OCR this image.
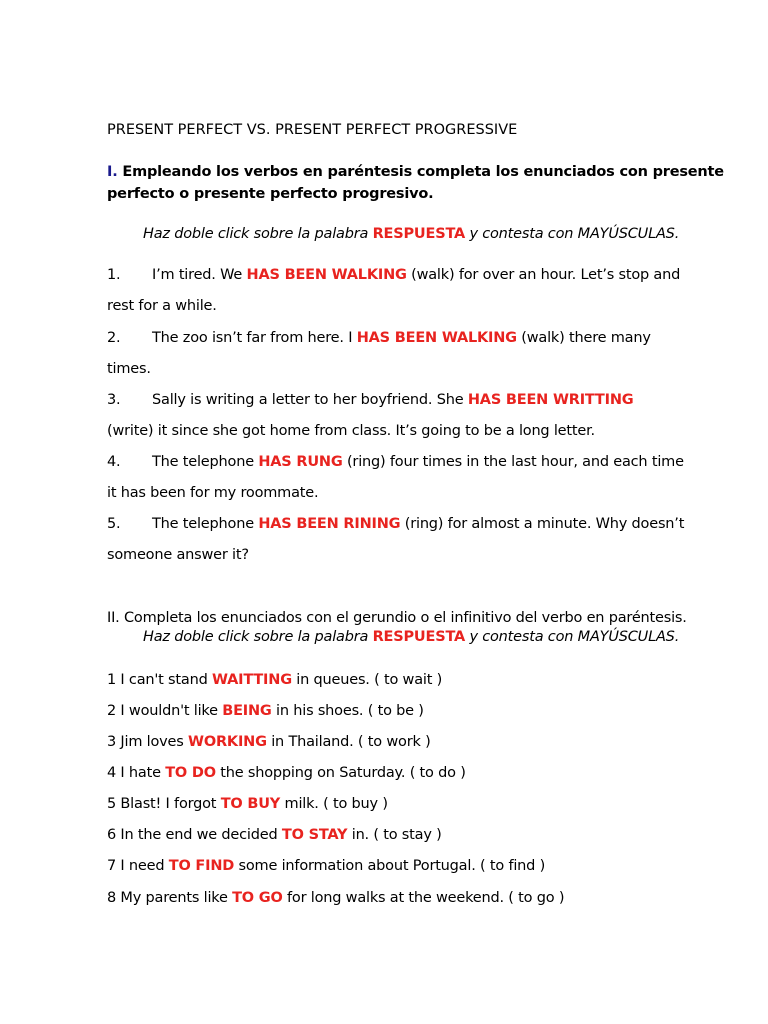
PRESENT PERFECT VS. PRESENT PERFECT PROGRESSIVE
I. Empleando los verbos en paréntesis completa los enunciados con presente
perfecto o presente perfecto progresivo.
Haz doble click sobre la palabra RESPUESTA y contesta con MAYÚSCULAS.
1. I’m tired. We HAS BEEN WALKING (walk) for over an hour. Let’s stop and
rest for a while.
2. The zoo isn’t far from here. I HAS BEEN WALKING (walk) there many
times.
3. Sally is writing a letter to her boyfriend. She HAS BEEN WRITTING
(write) it since she got home from class. It’s going to be a long letter.
4. The telephone HAS RUNG (ring) four times in the last hour, and each time
it has been for my roommate.
5. The telephone HAS BEEN RINING (ring) for almost a minute. Why doesn’t
someone answer it?
II. Completa los enunciados con el gerundio o el infinitivo del verbo en paréntesis.
Haz doble click sobre la palabra RESPUESTA y contesta con MAYÚSCULAS.
1 I can't stand WAITTING in queues. ( to wait )
2 I wouldn't like BEING in his shoes. ( to be )
3 Jim loves WORKING in Thailand. ( to work )
4 I hate TO DO the shopping on Saturday. ( to do )
5 Blast! I forgot TO BUY milk. ( to buy )
6 In the end we decided TO STAY in. ( to stay )
7 I need TO FIND some information about Portugal. ( to find )
8 My parents like TO GO for long walks at the weekend. ( to go )
